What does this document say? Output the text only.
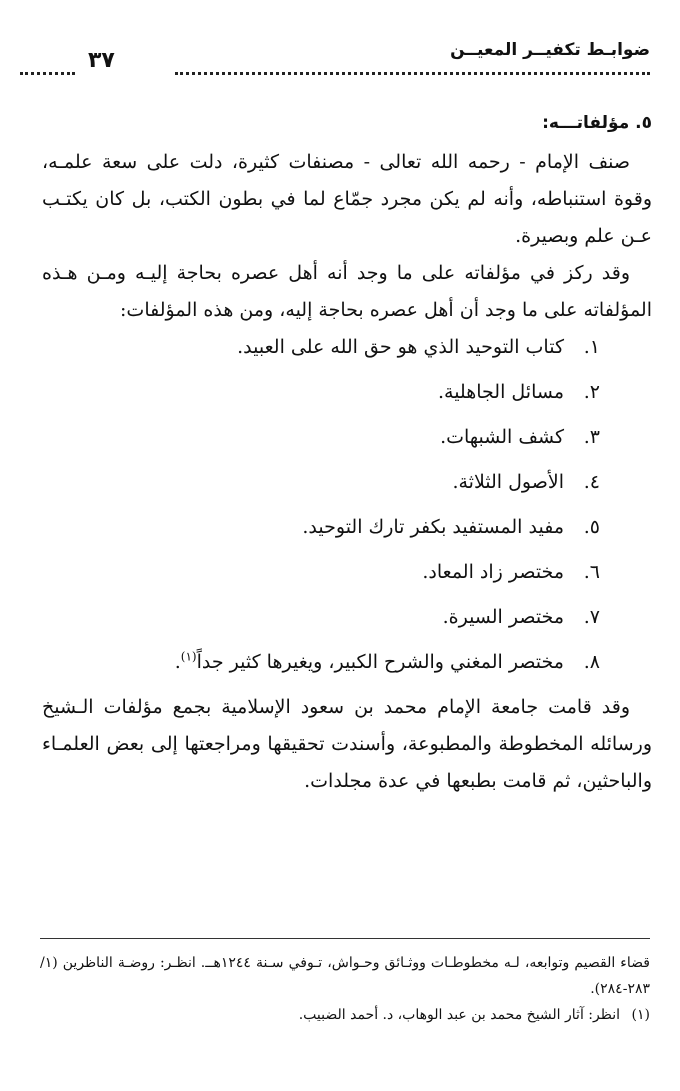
ضوابـط تكفيــر المعيــن
٣٧
٥. مؤلفاتـــه:

صنف الإمام - رحمه الله تعالى - مصنفات كثيرة، دلت على سعة علمـه، وقوة استنباطه، وأنه لم يكن مجرد جمّاع لما في بطون الكتب، بل كان يكتـب عـن علم وبصيرة.

وقد ركز في مؤلفاته على ما وجد أنه أهل عصره بحاجة إليـه ومـن هـذه المؤلفاته على ما وجد أن أهل عصره بحاجة إليه، ومن هذه المؤلفات:

١.كتاب التوحيد الذي هو حق الله على العبيد.
٢.مسائل الجاهلية.
٣.كشف الشبهات.
٤.الأصول الثلاثة.
٥.مفيد المستفيد بكفر تارك التوحيد.
٦.مختصر زاد المعاد.
٧.مختصر السيرة.
٨.مختصر المغني والشرح الكبير، ويغيرها كثير جداً$^{(١)}$.

وقد قامت جامعة الإمام محمد بن سعود الإسلامية بجمع مؤلفات الـشيخ ورسائله المخطوطة والمطبوعة، وأسندت تحقيقها ومراجعتها إلى بعض العلمـاء والباحثين، ثم قامت بطبعها في عدة مجلدات.

قضاء القصيم وتوابعه، لـه مخطوطـات ووثـائق وحـواش، تـوفي سـنة ١٢٤٤هــ. انظـر: روضـة الناظرين (١/ ٢٨٣-٢٨٤).

(١)انظر: آثار الشيخ محمد بن عبد الوهاب، د. أحمد الضبيب.
